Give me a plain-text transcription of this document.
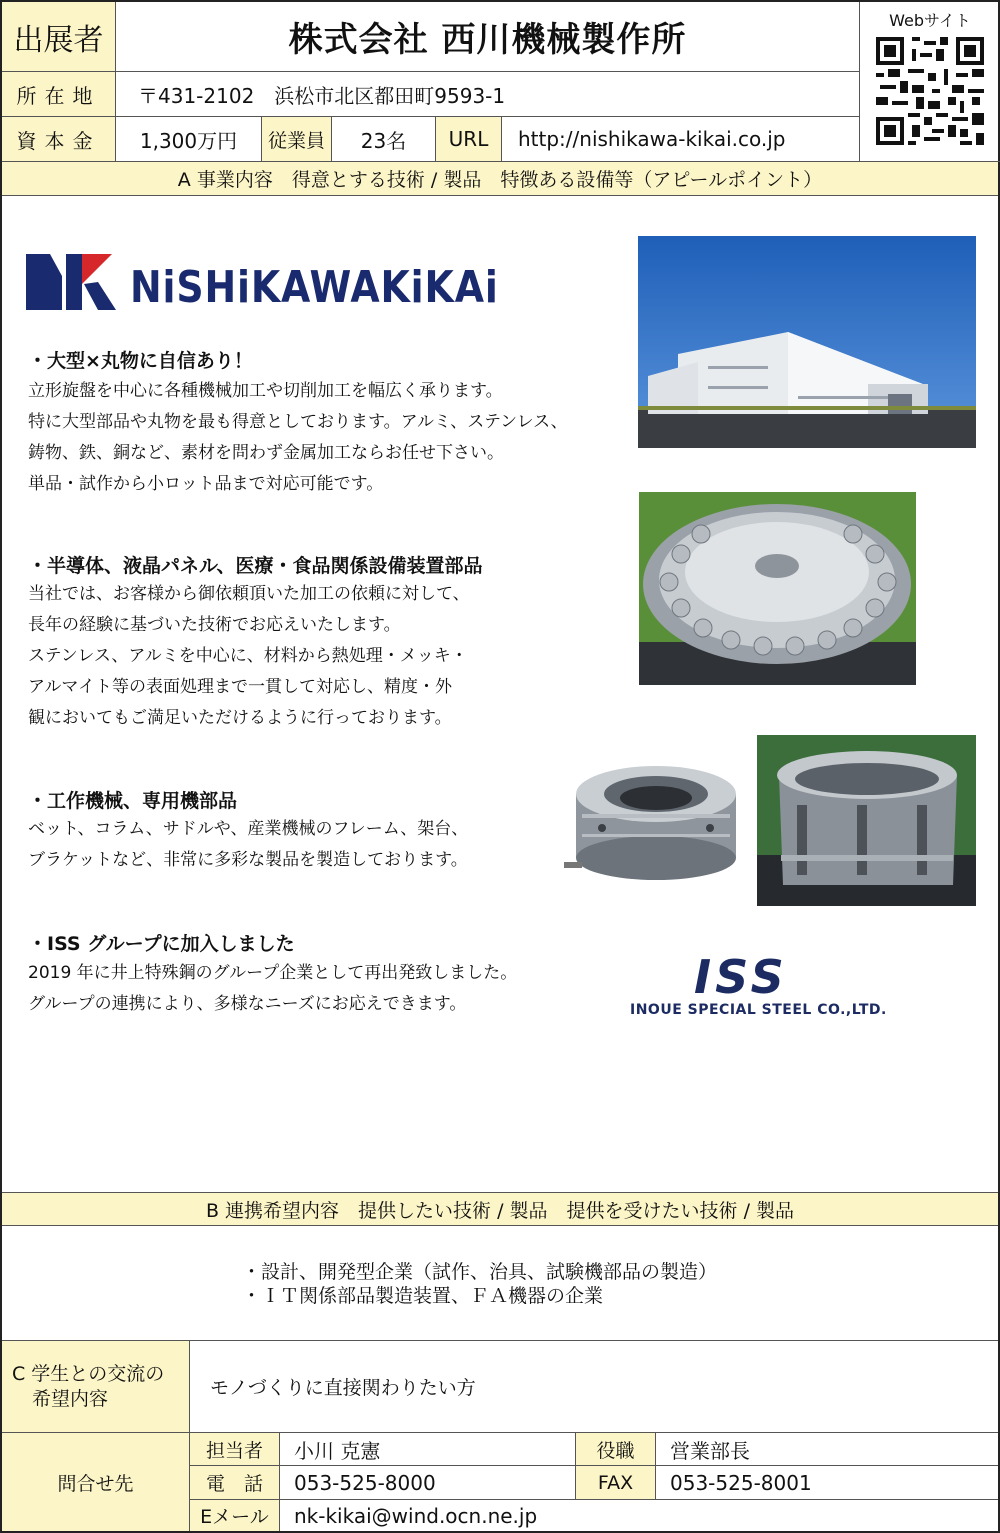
出展者	株式会社 西川機械製作所	Webサイト
所在地 〒431-2102　浜松市北区都田町9593-1
資本金 1,300万円 従業員 23名 URL http://nishikawa-kikai.co.jp
A 事業内容　得意とする技術 / 製品　特徴ある設備等（アピールポイント）
NiSHiKAWAKiKAi
・大型×丸物に自信あり！
立形旋盤を中心に各種機械加工や切削加工を幅広く承ります。
特に大型部品や丸物を最も得意としております。アルミ、ステンレス、
鋳物、鉄、銅など、素材を問わず金属加工ならお任せ下さい。
単品・試作から小ロット品まで対応可能です。
・半導体、液晶パネル、医療・食品関係設備装置部品
当社では、お客様から御依頼頂いた加工の依頼に対して、
長年の経験に基づいた技術でお応えいたします。
ステンレス、アルミを中心に、材料から熱処理・メッキ・
アルマイト等の表面処理まで一貫して対応し、精度・外
観においてもご満足いただけるように行っております。
・工作機械、専用機部品
ベット、コラム、サドルや、産業機械のフレーム、架台、
ブラケットなど、非常に多彩な製品を製造しております。
・ISS グループに加入しました
2019 年に井上特殊鋼のグループ企業として再出発致しました。
グループの連携により、多様なニーズにお応えできます。	ISS
INOUE SPECIAL STEEL CO.,LTD.
B 連携希望内容　提供したい技術 / 製品　提供を受けたい技術 / 製品
・設計、開発型企業（試作、治具、試験機部品の製造）
・ＩＴ関係部品製造装置、ＦＡ機器の企業
C 学生との交流の
希望内容	モノづくりに直接関わりたい方
問合せ先
担当者 小川 克憲	役職 営業部長
電　話 053-525-8000	FAX 053-525-8001
Eメール nk-kikai@wind.ocn.ne.jp
